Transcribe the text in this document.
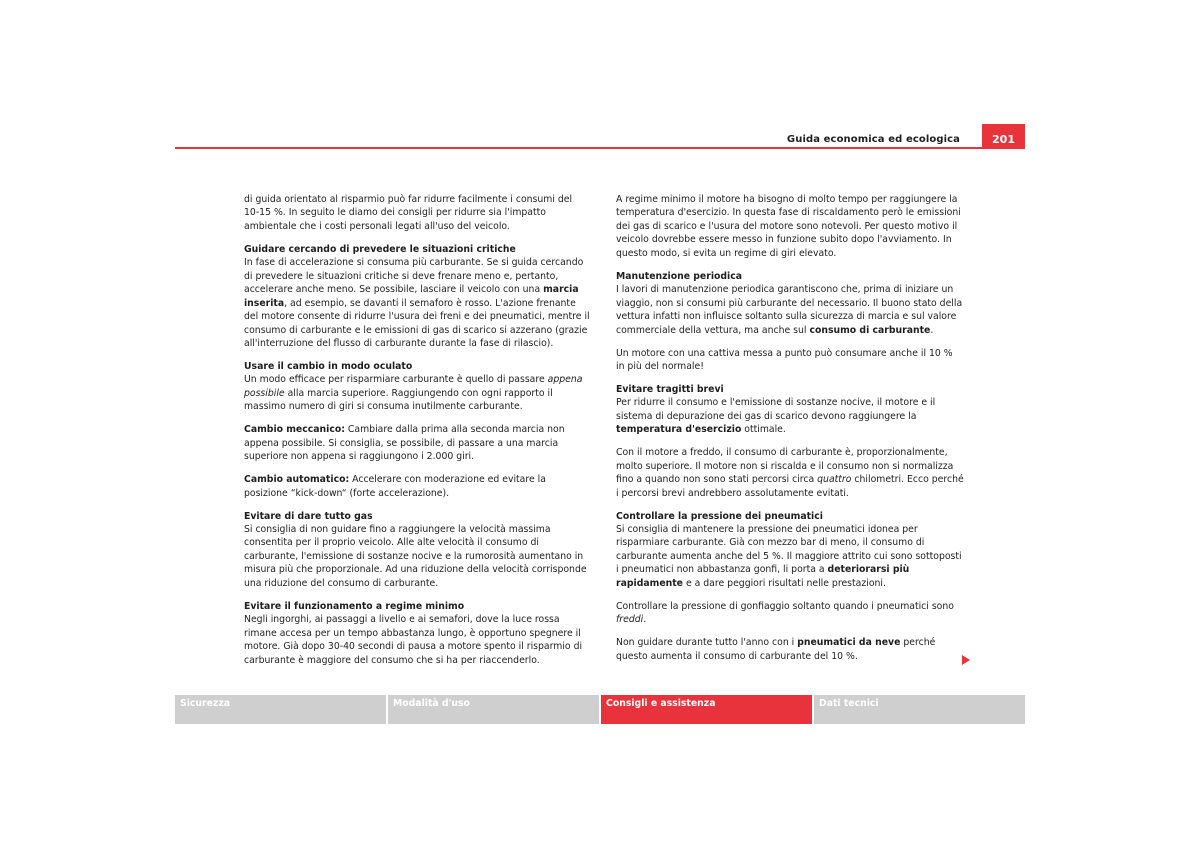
Guida economica ed ecologica	201

di guida orientato al risparmio può far ridurre facilmente i consumi del 10-15 %. In seguito le diamo dei consigli per ridurre sia l'impatto ambientale che i costi personali legati all'uso del veicolo.

Guidare cercando di prevedere le situazioni critiche

In fase di accelerazione si consuma più carburante. Se si guida cercando di prevedere le situazioni critiche si deve frenare meno e, pertanto, accelerare anche meno. Se possibile, lasciare il veicolo con una marcia inserita, ad esempio, se davanti il semaforo è rosso. L'azione frenante del motore consente di ridurre l'usura dei freni e dei pneumatici, mentre il consumo di carburante e le emissioni di gas di scarico si azzerano (grazie all'interruzione del flusso di carburante durante la fase di rilascio).

Usare il cambio in modo oculato

Un modo efficace per risparmiare carburante è quello di passare appena possibile alla marcia superiore. Raggiungendo con ogni rapporto il massimo numero di giri si consuma inutilmente carburante.

Cambio meccanico: Cambiare dalla prima alla seconda marcia non appena possibile. Si consiglia, se possibile, di passare a una marcia superiore non appena si raggiungono i 2.000 giri.

Cambio automatico: Accelerare con moderazione ed evitare la posizione “kick-down“ (forte accelerazione).

Evitare di dare tutto gas

Si consiglia di non guidare fino a raggiungere la velocità massima consentita per il proprio veicolo. Alle alte velocità il consumo di carburante, l'emissione di sostanze nocive e la rumorosità aumentano in misura più che proporzionale. Ad una riduzione della velocità corrisponde una riduzione del consumo di carburante.

Evitare il funzionamento a regime minimo

Negli ingorghi, ai passaggi a livello e ai semafori, dove la luce rossa rimane accesa per un tempo abbastanza lungo, è opportuno spegnere il motore. Già dopo 30-40 secondi di pausa a motore spento il risparmio di carburante è maggiore del consumo che si ha per riaccenderlo.

A regime minimo il motore ha bisogno di molto tempo per raggiungere la temperatura d'esercizio. In questa fase di riscaldamento però le emissioni dei gas di scarico e l'usura del motore sono notevoli. Per questo motivo il veicolo dovrebbe essere messo in funzione subito dopo l'avviamento. In questo modo, si evita un regime di giri elevato.

Manutenzione periodica

I lavori di manutenzione periodica garantiscono che, prima di iniziare un viaggio, non si consumi più carburante del necessario. Il buono stato della vettura infatti non influisce soltanto sulla sicurezza di marcia e sul valore commerciale della vettura, ma anche sul consumo di carburante.

Un motore con una cattiva messa a punto può consumare anche il 10 % in più del normale!

Evitare tragitti brevi

Per ridurre il consumo e l'emissione di sostanze nocive, il motore e il sistema di depurazione dei gas di scarico devono raggiungere la temperatura d'esercizio ottimale.

Con il motore a freddo, il consumo di carburante è, proporzionalmente, molto superiore. Il motore non si riscalda e il consumo non si normalizza fino a quando non sono stati percorsi circa quattro chilometri. Ecco perché i percorsi brevi andrebbero assolutamente evitati.

Controllare la pressione dei pneumatici

Si consiglia di mantenere la pressione dei pneumatici idonea per risparmiare carburante. Già con mezzo bar di meno, il consumo di carburante aumenta anche del 5 %. Il maggiore attrito cui sono sottoposti i pneumatici non abbastanza gonfi, li porta a deteriorarsi più rapidamente e a dare peggiori risultati nelle prestazioni.

Controllare la pressione di gonfiaggio soltanto quando i pneumatici sono freddi.

Non guidare durante tutto l'anno con i pneumatici da neve perché questo aumenta il consumo di carburante del 10 %.

Sicurezza	Modalità d'uso	Consigli e assistenza	Dati tecnici
